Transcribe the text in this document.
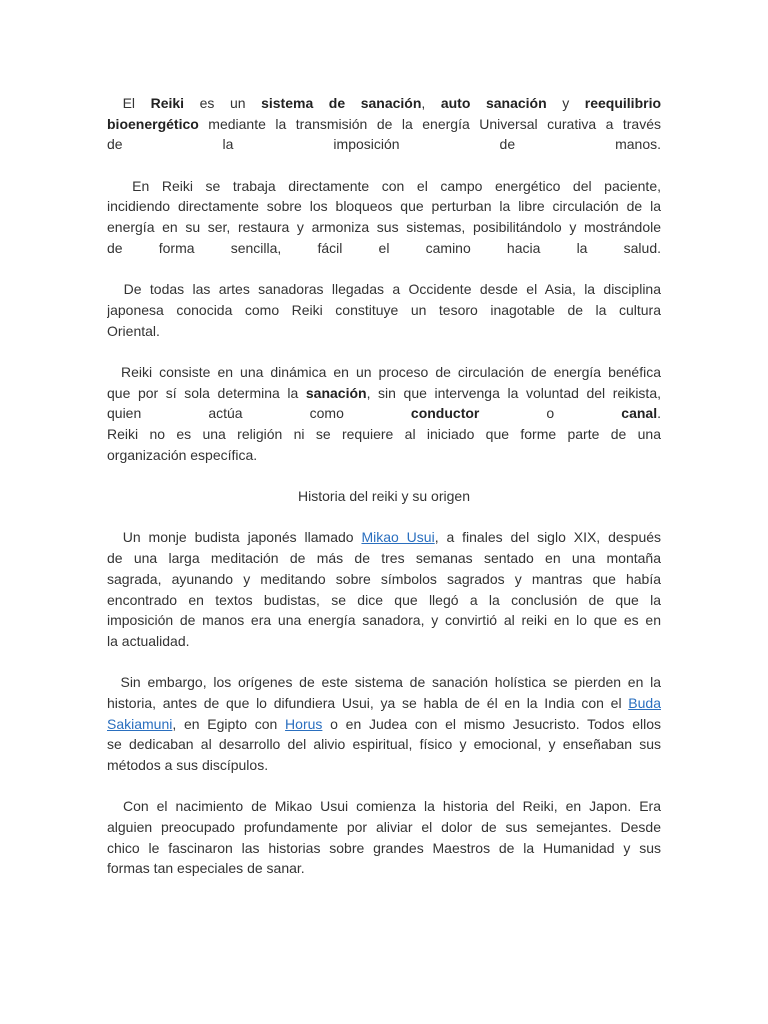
El Reiki es un sistema de sanación, auto sanación y reequilibrio
bioenergético mediante la transmisión de la energía Universal curativa a través
de la imposición de manos.
En Reiki se trabaja directamente con el campo energético del paciente,
incidiendo directamente sobre los bloqueos que perturban la libre circulación de la
energía en su ser, restaura y armoniza sus sistemas, posibilitándolo y mostrándole
de forma sencilla, fácil el camino hacia la salud.
De todas las artes sanadoras llegadas a Occidente desde el Asia, la disciplina
japonesa conocida como Reiki constituye un tesoro inagotable de la cultura
Oriental.
Reiki consiste en una dinámica en un proceso de circulación de energía benéfica
que por sí sola determina la sanación, sin que intervenga la voluntad del reikista,
quien actúa como conductor o canal.
Reiki no es una religión ni se requiere al iniciado que forme parte de una
organización específica.
Historia del reiki y su origen
Un monje budista japonés llamado Mikao Usui, a finales del siglo XIX, después
de una larga meditación de más de tres semanas sentado en una montaña
sagrada, ayunando y meditando sobre símbolos sagrados y mantras que había
encontrado en textos budistas, se dice que llegó a la conclusión de que la
imposición de manos era una energía sanadora, y convirtió al reiki en lo que es en
la actualidad.
Sin embargo, los orígenes de este sistema de sanación holística se pierden en la
historia, antes de que lo difundiera Usui, ya se habla de él en la India con el Buda
Sakiamuni, en Egipto con Horus o en Judea con el mismo Jesucristo. Todos ellos
se dedicaban al desarrollo del alivio espiritual, físico y emocional, y enseñaban sus
métodos a sus discípulos.
Con el nacimiento de Mikao Usui comienza la historia del Reiki, en Japon. Era
alguien preocupado profundamente por aliviar el dolor de sus semejantes. Desde
chico le fascinaron las historias sobre grandes Maestros de la Humanidad y sus
formas tan especiales de sanar.
